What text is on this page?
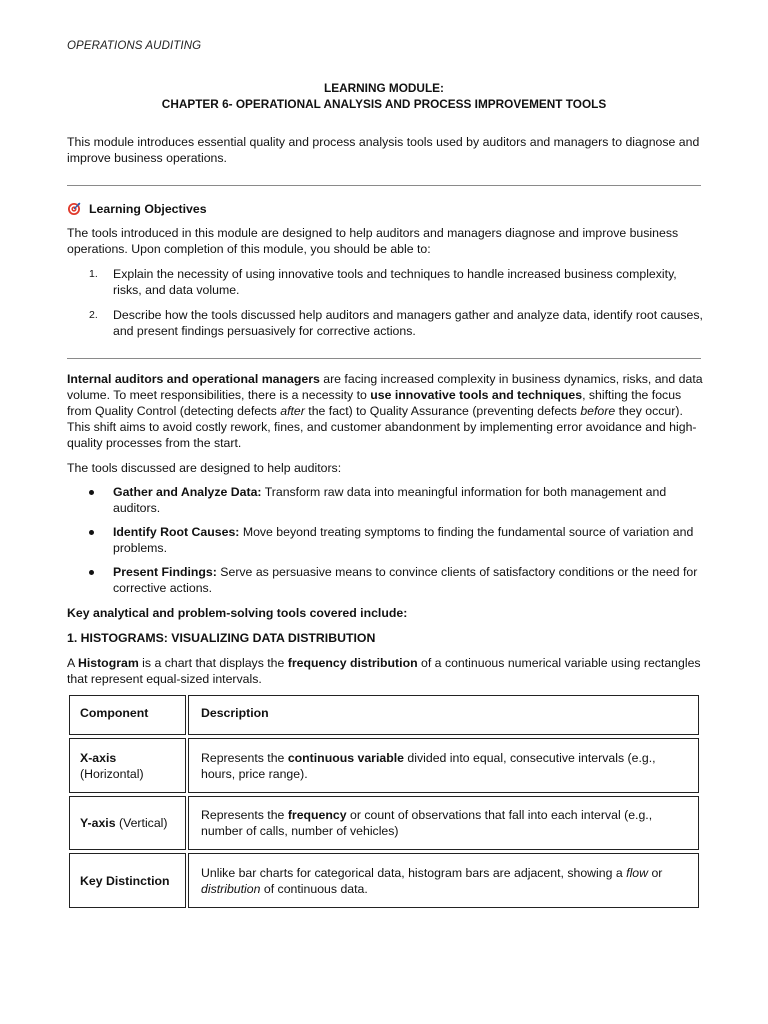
OPERATIONS AUDITING
LEARNING MODULE:
CHAPTER 6- OPERATIONAL ANALYSIS AND PROCESS IMPROVEMENT TOOLS
This module introduces essential quality and process analysis tools used by auditors and managers to diagnose and improve business operations.
Learning Objectives
The tools introduced in this module are designed to help auditors and managers diagnose and improve business operations. Upon completion of this module, you should be able to:
1. Explain the necessity of using innovative tools and techniques to handle increased business complexity, risks, and data volume.
2. Describe how the tools discussed help auditors and managers gather and analyze data, identify root causes, and present findings persuasively for corrective actions.
Internal auditors and operational managers are facing increased complexity in business dynamics, risks, and data volume. To meet responsibilities, there is a necessity to use innovative tools and techniques, shifting the focus from Quality Control (detecting defects after the fact) to Quality Assurance (preventing defects before they occur). This shift aims to avoid costly rework, fines, and customer abandonment by implementing error avoidance and high-quality processes from the start.
The tools discussed are designed to help auditors:
Gather and Analyze Data: Transform raw data into meaningful information for both management and auditors.
Identify Root Causes: Move beyond treating symptoms to finding the fundamental source of variation and problems.
Present Findings: Serve as persuasive means to convince clients of satisfactory conditions or the need for corrective actions.
Key analytical and problem-solving tools covered include:
1. HISTOGRAMS: VISUALIZING DATA DISTRIBUTION
A Histogram is a chart that displays the frequency distribution of a continuous numerical variable using rectangles that represent equal-sized intervals.
Component	Description
X-axis
(Horizontal)
Represents the continuous variable divided into equal, consecutive intervals (e.g., hours, price range).
Y-axis (Vertical)
Represents the frequency or count of observations that fall into each interval (e.g., number of calls, number of vehicles)
Key Distinction
Unlike bar charts for categorical data, histogram bars are adjacent, showing a flow or distribution of continuous data.
